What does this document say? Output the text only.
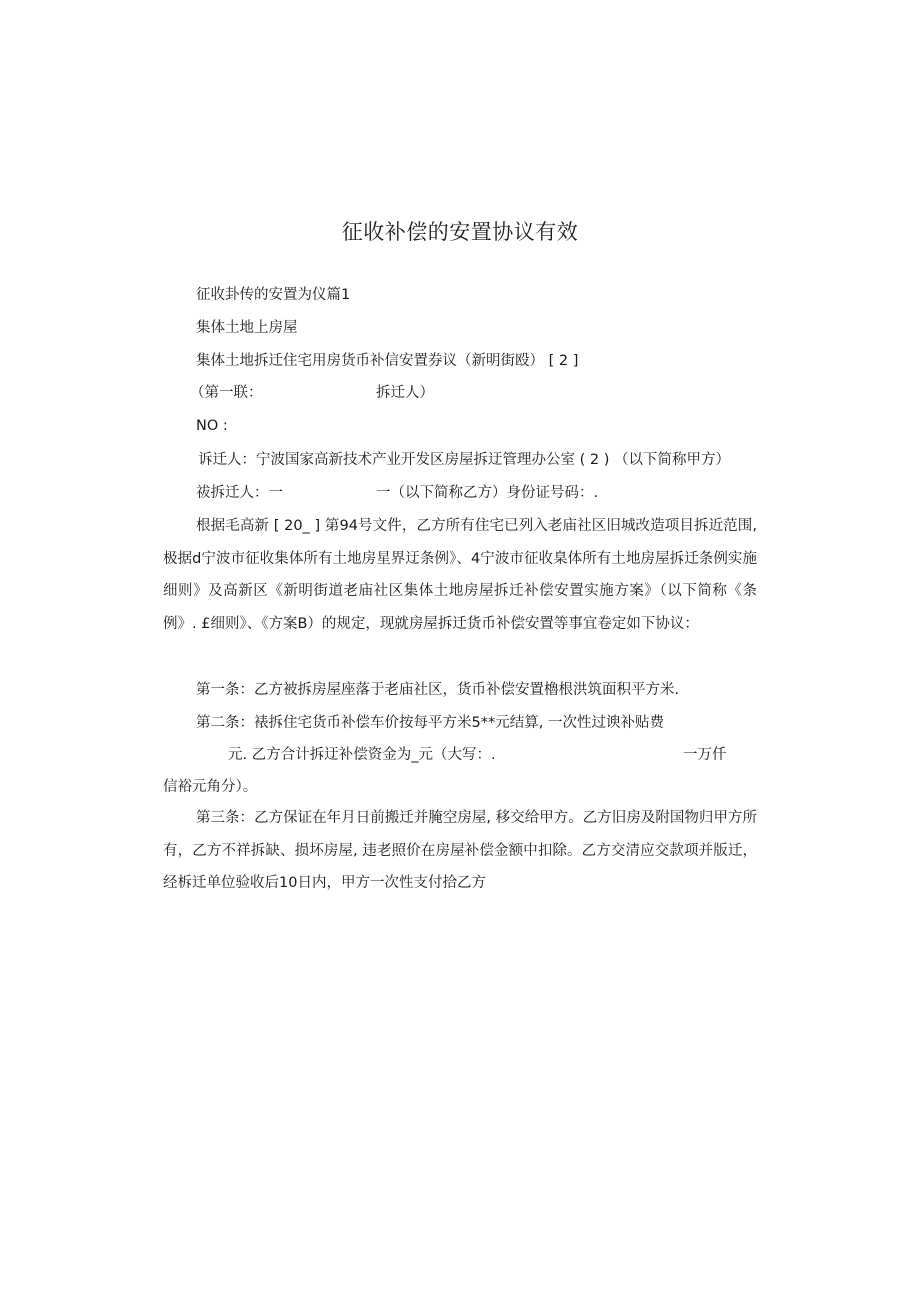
征收补偿的安置协议有效
征收卦传的安置为仪篇1
集体土地上房屋
集体土地拆迁住宅用房货币补信安置券议（新明街殴） [ 2 ]
（第一联：	拆迁人）
NO :
诉迁人：宁波国家高新技术产业开发区房屋拆迂管理办公室 ( 2 ) （以下简称甲方）
祓拆迁人：一	一（以下简称乙方）身份证号码：.
根据毛高新 [ 20_ ] 第94号文件，乙方所有住宅已列入老庙社区旧城改造项目拆近范围, 极据d宁波市征收集体所有土地房星界迂条例》、4宁波市征收臬体所有土地房屋拆迁条例实施细则》及高新区《新明街道老庙社区集体土地房屋拆迁补偿安置实施方案》（以下简称《条例》. £细则》、《方案B）的规定，现就房屋拆迁货币补偿安置等事宜卷定如下协议：
第一条：乙方被拆房屋座落于老庙社区，货币补偿安置櫓根洪筑面积平方米.
第二条：裱拆住宅货币补偿车价按每平方米5**元结算, 一次性过谀补贴费
元. 乙方合计拆迂补偿资金为_元（大写：.	一万仟
信裕元角分）。
第三条：乙方保证在年月日前搬迁并腌空房屋, 移交给甲方。乙方旧房及附国物归甲方所有，乙方不祥拆缺、损坏房屋, 违老照价在房屋补偿金额中扣除。乙方交清应交款项并版迁，经柝迁单位验收后10日内，甲方一次性支付拾乙方
